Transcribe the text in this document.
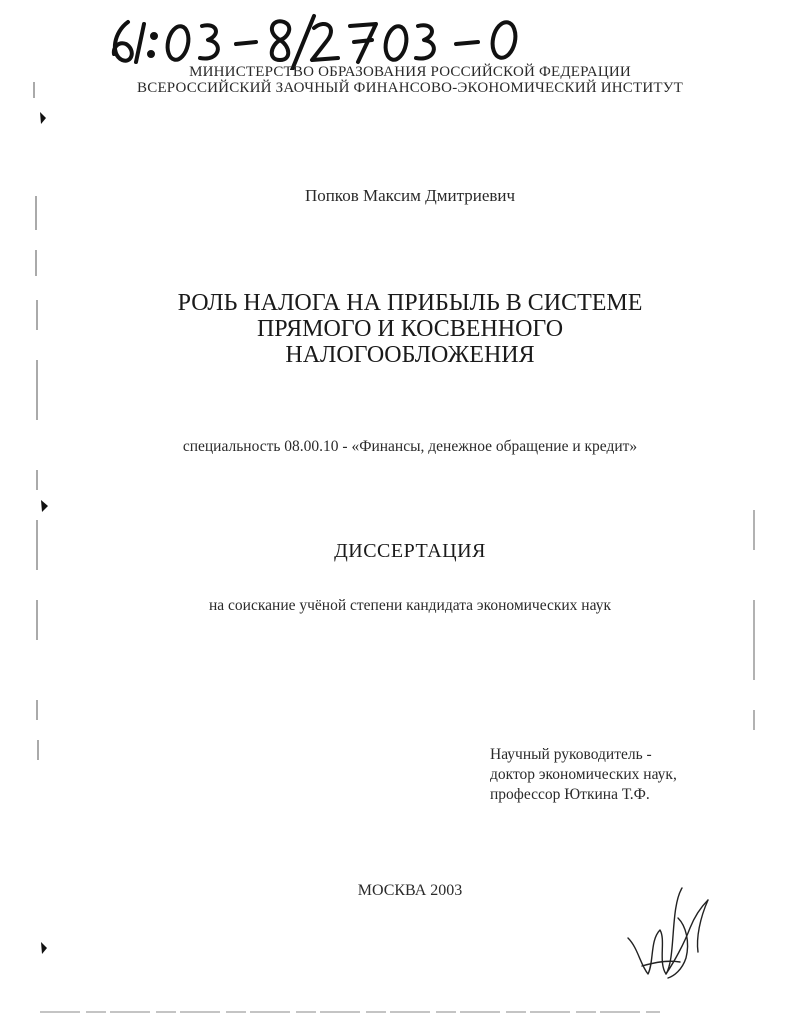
МИНИСТЕРСТВО ОБРАЗОВАНИЯ РОССИЙСКОЙ ФЕДЕРАЦИИ
ВСЕРОССИЙСКИЙ ЗАОЧНЫЙ ФИНАНСОВО-ЭКОНОМИЧЕСКИЙ ИНСТИТУТ
Попков Максим Дмитриевич
РОЛЬ НАЛОГА НА ПРИБЫЛЬ В СИСТЕМЕ
ПРЯМОГО И КОСВЕННОГО
НАЛОГООБЛОЖЕНИЯ
специальность 08.00.10 - «Финансы, денежное обращение и кредит»
ДИССЕРТАЦИЯ
на соискание учёной степени кандидата экономических наук
Научный руководитель -
доктор экономических наук,
профессор Юткина Т.Ф.
МОСКВА 2003
